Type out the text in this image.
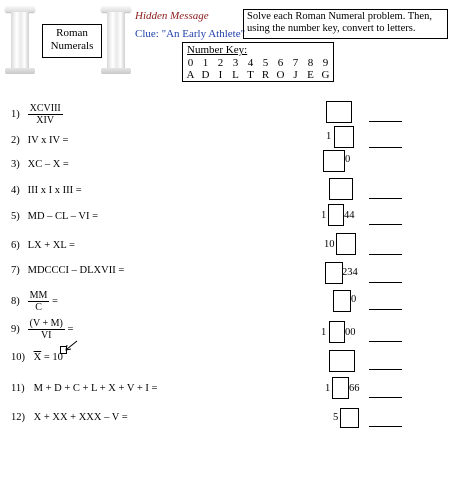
Roman
Numerals
Hidden Message
Clue: "An Early Athlete"
Solve each Roman Numeral problem. Then, using the number key, convert to letters.
Number Key:
0 1 2 3 4 5 6 7 8 9
A D I L T R O J E G
$1) \frac{\text{XCVIII}}{\text{XIV}}$
2) IV x IV =	1
3) XC – X =	0
4) III x I x III =
5) MD – CL – VI =	1 44
6) LX + XL =	10
7) MDCCCI – DLXVII =	234
$8) \frac{MM}{C}$ =	0
$9) \frac{(V + M)}{VI}$ =	1 00
10) $\overline{X} = 10$
11) M + D + C + L + X + V + I =	1 66
12) X + XX + XXX – V =	5
